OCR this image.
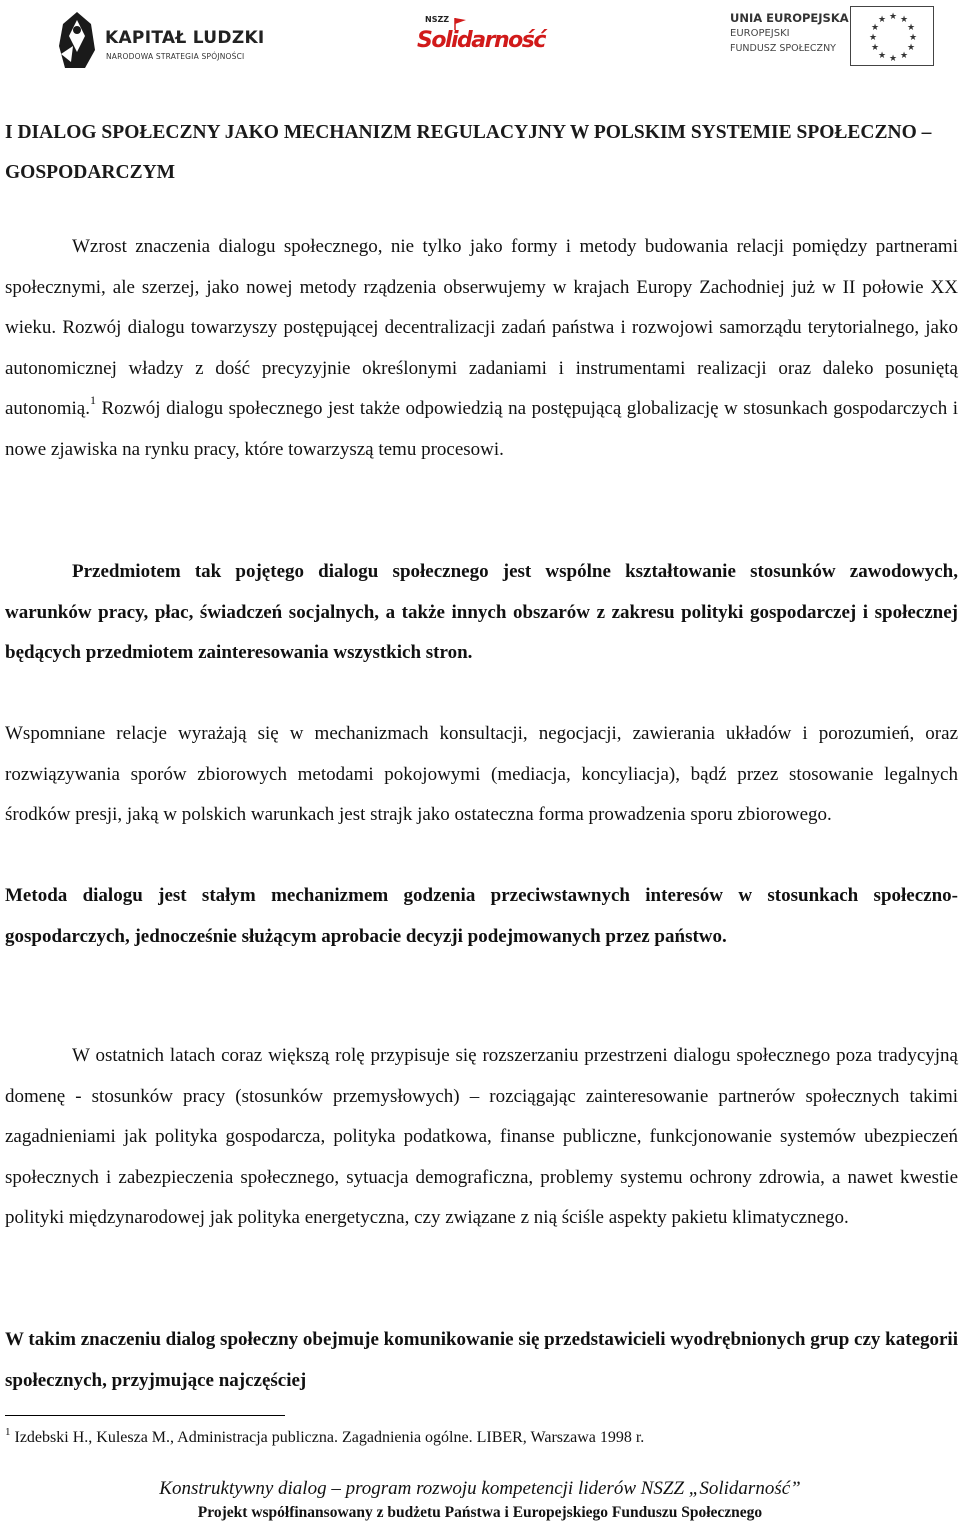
KAPITAŁ LUDZKI
NARODOWA STRATEGIA SPÓJNOŚCI
NSZZ
Solidarność
UNIA EUROPEJSKA
EUROPEJSKI
FUNDUSZ SPOŁECZNY
★ ★
★
★
★
★
★
★
★
★
★
★
I DIALOG SPOŁECZNY JAKO MECHANIZM REGULACYJNY W POLSKIM SYSTEMIE SPOŁECZNO – GOSPODARCZYM

Wzrost znaczenia dialogu społecznego, nie tylko jako formy i metody budowania relacji pomiędzy partnerami społecznymi, ale szerzej, jako nowej metody rządzenia obserwujemy w krajach Europy Zachodniej już w II połowie XX wieku. Rozwój dialogu towarzyszy postępującej decentralizacji zadań państwa i rozwojowi samorządu terytorialnego, jako autonomicznej władzy z dość precyzyjnie określonymi zadaniami i instrumentami realizacji oraz daleko posuniętą autonomią.$^1$ Rozwój dialogu społecznego jest także odpowiedzią na postępującą globalizację w stosunkach gospodarczych i nowe zjawiska na rynku pracy, które towarzyszą temu procesowi.

Przedmiotem tak pojętego dialogu społecznego jest wspólne kształtowanie stosunków zawodowych, warunków pracy, płac, świadczeń socjalnych, a także innych obszarów z zakresu polityki gospodarczej i społecznej będących przedmiotem zainteresowania wszystkich stron.

Wspomniane relacje wyrażają się w mechanizmach konsultacji, negocjacji, zawierania układów i porozumień, oraz rozwiązywania sporów zbiorowych metodami pokojowymi (mediacja, koncyliacja), bądź przez stosowanie legalnych środków presji, jaką w polskich warunkach jest strajk jako ostateczna forma prowadzenia sporu zbiorowego.

Metoda dialogu jest stałym mechanizmem godzenia przeciwstawnych interesów w stosunkach społeczno-gospodarczych, jednocześnie służącym aprobacie decyzji podejmowanych przez państwo.

W ostatnich latach coraz większą rolę przypisuje się rozszerzaniu przestrzeni dialogu społecznego poza tradycyjną domenę - stosunków pracy (stosunków przemysłowych) – rozciągając zainteresowanie partnerów społecznych takimi zagadnieniami jak polityka gospodarcza, polityka podatkowa, finanse publiczne, funkcjonowanie systemów ubezpieczeń społecznych i zabezpieczenia społecznego, sytuacja demograficzna, problemy systemu ochrony zdrowia, a nawet kwestie polityki międzynarodowej jak polityka energetyczna, czy związane z nią ściśle aspekty pakietu klimatycznego.

W takim znaczeniu dialog społeczny obejmuje komunikowanie się przedstawicieli wyodrębnionych grup czy kategorii społecznych, przyjmujące najczęściej

$^1$ Izdebski H., Kulesza M., Administracja publiczna. Zagadnienia ogólne. LIBER, Warszawa 1998 r.
Konstruktywny dialog – program rozwoju kompetencji liderów NSZZ „Solidarność”
Projekt współfinansowany z budżetu Państwa i Europejskiego Funduszu Społecznego
